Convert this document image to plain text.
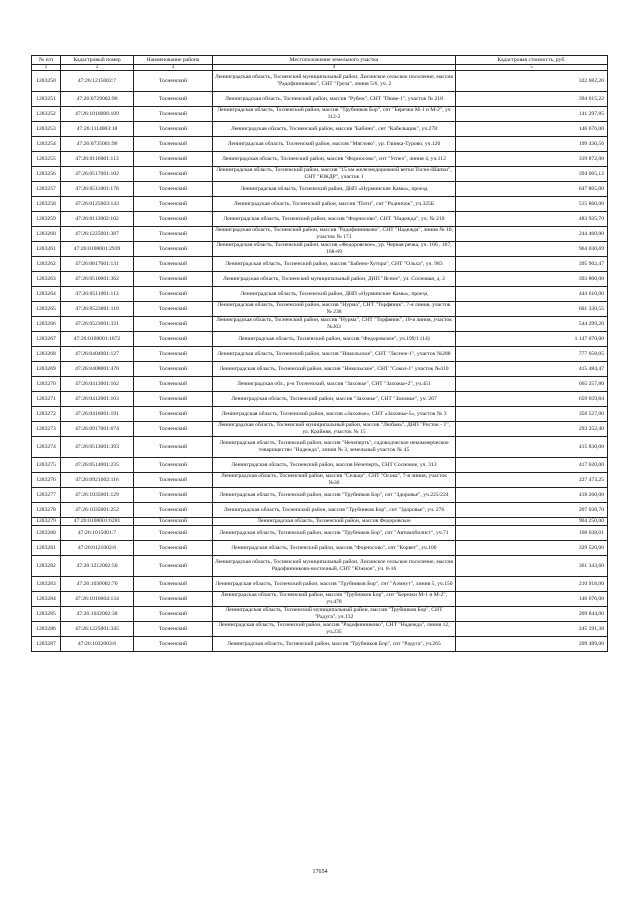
№ п/п	Кадастровый номер	Наименование района	Местоположение земельного участка	Кадастровая стоимость, руб.
1	2	3	4	5
1283250	47:26:1215002:7	Тосненский	Ленинградская область, Тосненский муниципальный район, Лисинское сельское поселение, массив "Радофинниково", СНТ "Греза", линия 5/6, уч. 2	322 682,20
1283251	47:26:0729002:96	Тосненский	Ленинградская область, Тосненский район, массив "Рубеж", СНТ "Пюве-1", участок № 218	394 615,22
1283252	47:26:1016006:109	Тосненский	Ленинградская область, Тосненский район, массив "Трубников Бор", снт "Березки М-1 и М-2", уч 112-2	141 297,85
1283253	47:26:1114003:18	Тосненский	Ленинградская область, Тосненский район, массив "Бабино", снт "Кабельщик", уч.278	146 676,00
1283254	47:26:0735001:96	Тосненский	Ленинградская область, Тосненский район, массив "Мяглово", ур. Глинка-Турово, уч.120	199 430,56
1283255	47:26:0116001:113	Тосненский	Ленинградская область, Тосненский район, массив "Форносово", снт "Успех", линия 4, уч.112	319 872,00
1283256	47:26:0517001:102	Тосненский	Ленинградская область, Тосненский район, массив "15 км железнодорожной ветки Тосно-Шапки", СНТ "ЮКДР", участок 1	394 065,12
1283257	47:26:0511001:178	Тосненский	Ленинградская область, Тосненский район, ДНП «Нурминские Камы», проезд	647 865,00
1283258	47:26:0125003:143	Тосненский	Ленинградская область, Тосненский район, массив "Поги", снт "Родничок", уч.325Б	515 860,00
1283259	47:26:0113002:102	Тосненский	Ленинградская область, Тосненский район, массив "Форносово", СНТ "Надежда", уч. № 218	483 935,70
1283260	47:26:1225001:387	Тосненский	Ленинградская область, Тосненский район, массив "Радофинниково", СНТ "Надежда", линия № 10, участок № 171	244 460,00
1283261	47:26:0108001:2939	Тосненский	Ленинградская область, Тосненский район, массив «Федоровское», ур. Черная речка, уч. 166 , 167, 168-69	964 030,69
1283262	47:26:0817001:131	Тосненский	Ленинградская область, Тосненский район, массив "Бабино-Хутора", СНТ "Ольха", уч. 983	395 962,47
1283263	47:26:0510001:362	Тосненский	Ленинградская область, Тосненский муниципальный район, ДНП "Ясное", ул. Сосновая, д. 2	393 800,00
1283264	47:26:0511001:113	Тосненский	Ленинградская область, Тосненский район, ДНП «Нурминские Камы», проезд	444 610,00
1283265	47:26:0523001:110	Тосненский	Ленинградская область, Тосненский район, массив "Нурма", СНТ "Торфяник", 7-я линия, участок № 238	601 330,55
1283266	47:26:0523001:331	Тосненский	Ленинградская область, Тосненский район, массив "Нурма", СНТ "Торфяник", 10-я линия, участок №363	544 299,20
1283267	47:26:0108001:1872	Тосненский	Ленинградская область, Тосненский район, массив "Федоровское", уч.199/1 (14)	1 147 670,00
1283268	47:26:0404001:127	Тосненский	Ленинградская область, Тосненский район, массив "Никольское", СНТ "Лесное-1", участок №288	777 658,05
1283269	47:26:0408001:470	Тосненский	Ленинградская область, Тосненский район, массив "Никольское", СНТ "Сокол-1" участок №410	415 484,47
1283270	47:26:0413001:162	Тосненский	Ленинградская обл., р-н Тосненский, массив "Захожье", СНТ "Захожье-2", уч.451	665 257,80
1283271	47:26:0412001:103	Тосненский	Ленинградская область, Тосненский район, массив "Захожье", СНТ "Захожье", уч. 267	659 659,84
1283272	47:26:0416001:191	Тосненский	Ленинградская область, Тосненский район, массив «Захожье», СНТ «Захожье-5», участок № 3	358 527,00
1283273	47:26:0917001:674	Тосненский	Ленинградская область, Тосненский муниципальный район, массив "Любань", ДНП "Росток - 1", ул. Крайняя, участок № 15	293 252,40
1283274	47:26:0513001:393	Тосненский	Ленинградская область, Тосненский район, массив "Нечеперть", садоводческое некоммерческое товарищество "Надежда", линия № 3, земельный участок № 45	415 830,00
1283275	47:26:0514001:235	Тосненский	Ленинградская область, Тосненский район, массив Нечеперть, СНТ Сосновое, уч. 313	417 620,00
1283276	47:26:0921002:116	Тосненский	Ленинградская область, Тосненский район, массив "Сельцо", СНТ "Осока", 7-я линия, участок №30	227 473,25
1283277	47:26:1035001:129	Тосненский	Ленинградская область, Тосненский район, массив "Трубников Бор", снт "Здоровье", уч.225/224	418 260,00
1283278	47:26:1035001:252	Тосненский	Ленинградская область, Тосненский район, массив "Трубников Бор", снт "Здоровье", уч. 276	207 038,70
1283279	47:26:0108001:6281	Тосненский	Ленинградская область, Тосненский район, массив Федоровское	904 250,00
1283280	47:26:1015001:7	Тосненский	Ленинградская область, Тосненский район, массив "Трубников Бор", снт "Автомобилист", уч.71	168 038,01
1283281	47:26:0121002:6	Тосненский	Ленинградская область, Тосненский район, массив "Форносово", снт "Корвет", уч.100	329 520,00
1283282	47:26:1212002:50	Тосненский	Ленинградская область, Тосненский муниципальный район, Лисинское сельское поселение, массив Радофинниково-восточный, СНТ "Южное", уч. 8-16	361 343,60
1283283	47:26:1030002:70	Тосненский	Ленинградская область, Тосненский район, массив "Трубников Бор", снт "Аэмнут", линия 5, уч.150	210 918,00
1283284	47:26:1016004:134	Тосненский	Ленинградская область, Тосненский район, массив "Трубников Бор", снт "Березки М-1 и М-2", уч.478	146 676,00
1283285	47:26:1032002:38	Тосненский	Ленинградская область, Тосненский муниципальный район, массив "Трубников Бор", СНТ "Радуга", уч.132	209 844,00
1283286	47:26:1225001:345	Тосненский	Ленинградская область, Тосненский район, массив "Радофинниково", СНТ "Надежда", линия 12, уч.235	245 191,38
1283287	47:26:1032003:6	Тосненский	Ленинградская область, Тосненский район, массив "Трубников Бор", снт "Радуга", уч.265	209 489,00
17654
